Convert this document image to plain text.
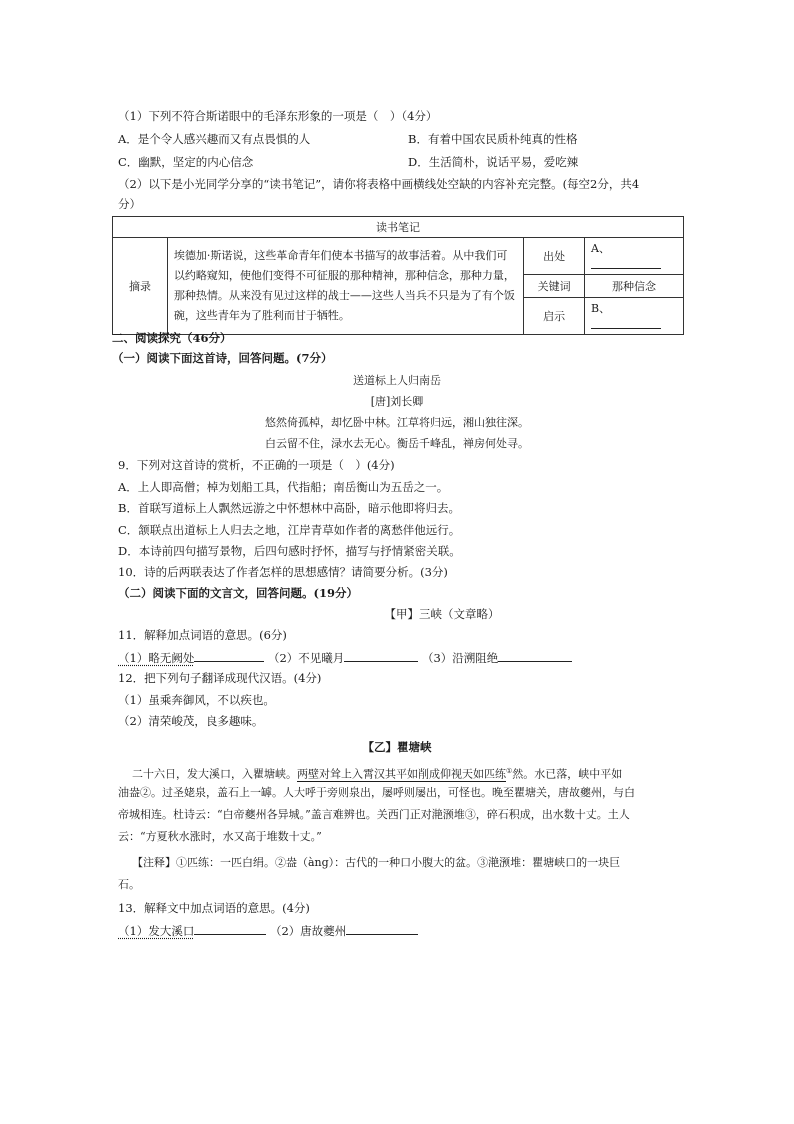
（1）下列不符合斯诺眼中的毛泽东形象的一项是（　）（4分）
A．是个令人感兴趣而又有点畏惧的人	B．有着中国农民质朴纯真的性格
C．幽默，坚定的内心信念	D．生活简朴，说话平易，爱吃辣
（2）以下是小光同学分享的“读书笔记”，请你将表格中画横线处空缺的内容补充完整。(每空2分，共4
分）
读书笔记			
摘录	埃德加·斯诺说，这些革命青年们使本书描写的故事活着。从中我们可以约略窥知，使他们变得不可征服的那种精神，那种信念，那种力量，那种热情。从来没有见过这样的战士——这些人当兵不只是为了有个饭碗，这些青年为了胜利而甘于牺牲。	出处	A、
		关键词	那种信念
		启示	B、
二、阅读探究（46分）
（一）阅读下面这首诗，回答问题。(7分）
送道标上人归南岳
[唐]刘长卿
悠然倚孤棹，却忆卧中林。江草将归远，湘山独往深。
白云留不住，渌水去无心。衡岳千峰乱，禅房何处寻。
9．下列对这首诗的赏析，不正确的一项是（　）(4分)
A．上人即高僧；棹为划船工具，代指船；南岳衡山为五岳之一。
B．首联写道标上人飘然远游之中怀想林中高卧，暗示他即将归去。
C．颔联点出道标上人归去之地，江岸青草如作者的离愁伴他远行。
D．本诗前四句描写景物，后四句感时抒怀，描写与抒情紧密关联。
10．诗的后两联表达了作者怎样的思想感情？请简要分析。(3分)
（二）阅读下面的文言文，回答问题。(19分）
【甲】三峡（文章略）
11．解释加点词语的意思。(6分)
（1）略无阙处	（2）不见曦月	（3）沿溯阻绝
12．把下列句子翻译成现代汉语。(4分)
（1）虽乘奔御风，不以疾也。
（2）清荣峻茂，良多趣味。
【乙】瞿塘峡
二十六日，发大溪口，入瞿塘峡。两壁对耸上入霄汉其平如削成仰视天如匹练①然。水已落，峡中平如
油盎②。过圣姥泉，盖石上一罅。人大呼于旁则泉出，屡呼则屡出，可怪也。晚至瞿塘关，唐故夔州，与白
帝城相连。杜诗云：“白帝夔州各异城。”盖言难辨也。关西门正对滟滪堆③，碎石积成，出水数十丈。土人
云：“方夏秋水涨时，水又高于堆数十丈。”
【注释】①匹练：一匹白绢。②盎（àng）：古代的一种口小腹大的盆。③滟滪堆：瞿塘峡口的一块巨
石。
13．解释文中加点词语的意思。(4分)
（1）发大溪口	（2）唐故夔州
